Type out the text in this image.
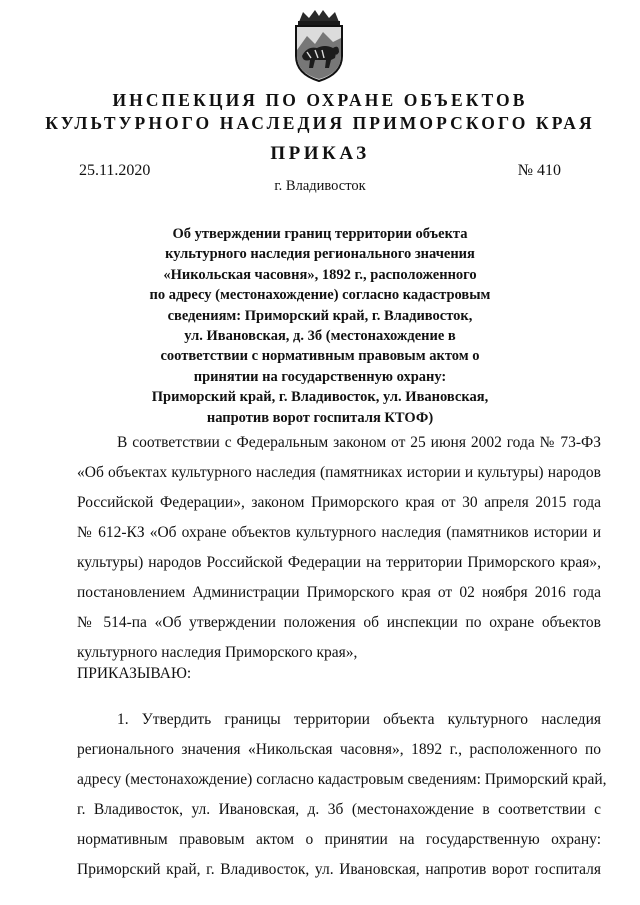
ИНСПЕКЦИЯ ПО ОХРАНЕ ОБЪЕКТОВ
КУЛЬТУРНОГО НАСЛЕДИЯ ПРИМОРСКОГО КРАЯ
ПРИКАЗ
25.11.2020	№ 410
г. Владивосток
Об утверждении границ территории объекта
культурного наследия регионального значения
«Никольская часовня», 1892 г., расположенного
по адресу (местонахождение) согласно кадастровым
сведениям: Приморский край, г. Владивосток,
ул. Ивановская, д. 3б (местонахождение в
соответствии с нормативным правовым актом о
принятии на государственную охрану:
Приморский край, г. Владивосток, ул. Ивановская,
напротив ворот госпиталя КТОФ)
В соответствии с Федеральным законом от 25 июня 2002 года № 73-ФЗ
«Об объектах культурного наследия (памятниках истории и культуры) народов
Российской Федерации», законом Приморского края от 30 апреля 2015 года
№ 612-КЗ «Об охране объектов культурного наследия (памятников истории и
культуры) народов Российской Федерации на территории Приморского края»,
постановлением Администрации Приморского края от 02 ноября 2016 года
№ 514-па «Об утверждении положения об инспекции по охране объектов
культурного наследия Приморского края»,
ПРИКАЗЫВАЮ:
1. Утвердить границы территории объекта культурного наследия
регионального значения «Никольская часовня», 1892 г., расположенного по
адресу (местонахождение) согласно кадастровым сведениям: Приморский край,
г. Владивосток, ул. Ивановская, д. 3б (местонахождение в соответствии с
нормативным правовым актом о принятии на государственную охрану:
Приморский край, г. Владивосток, ул. Ивановская, напротив ворот госпиталя
